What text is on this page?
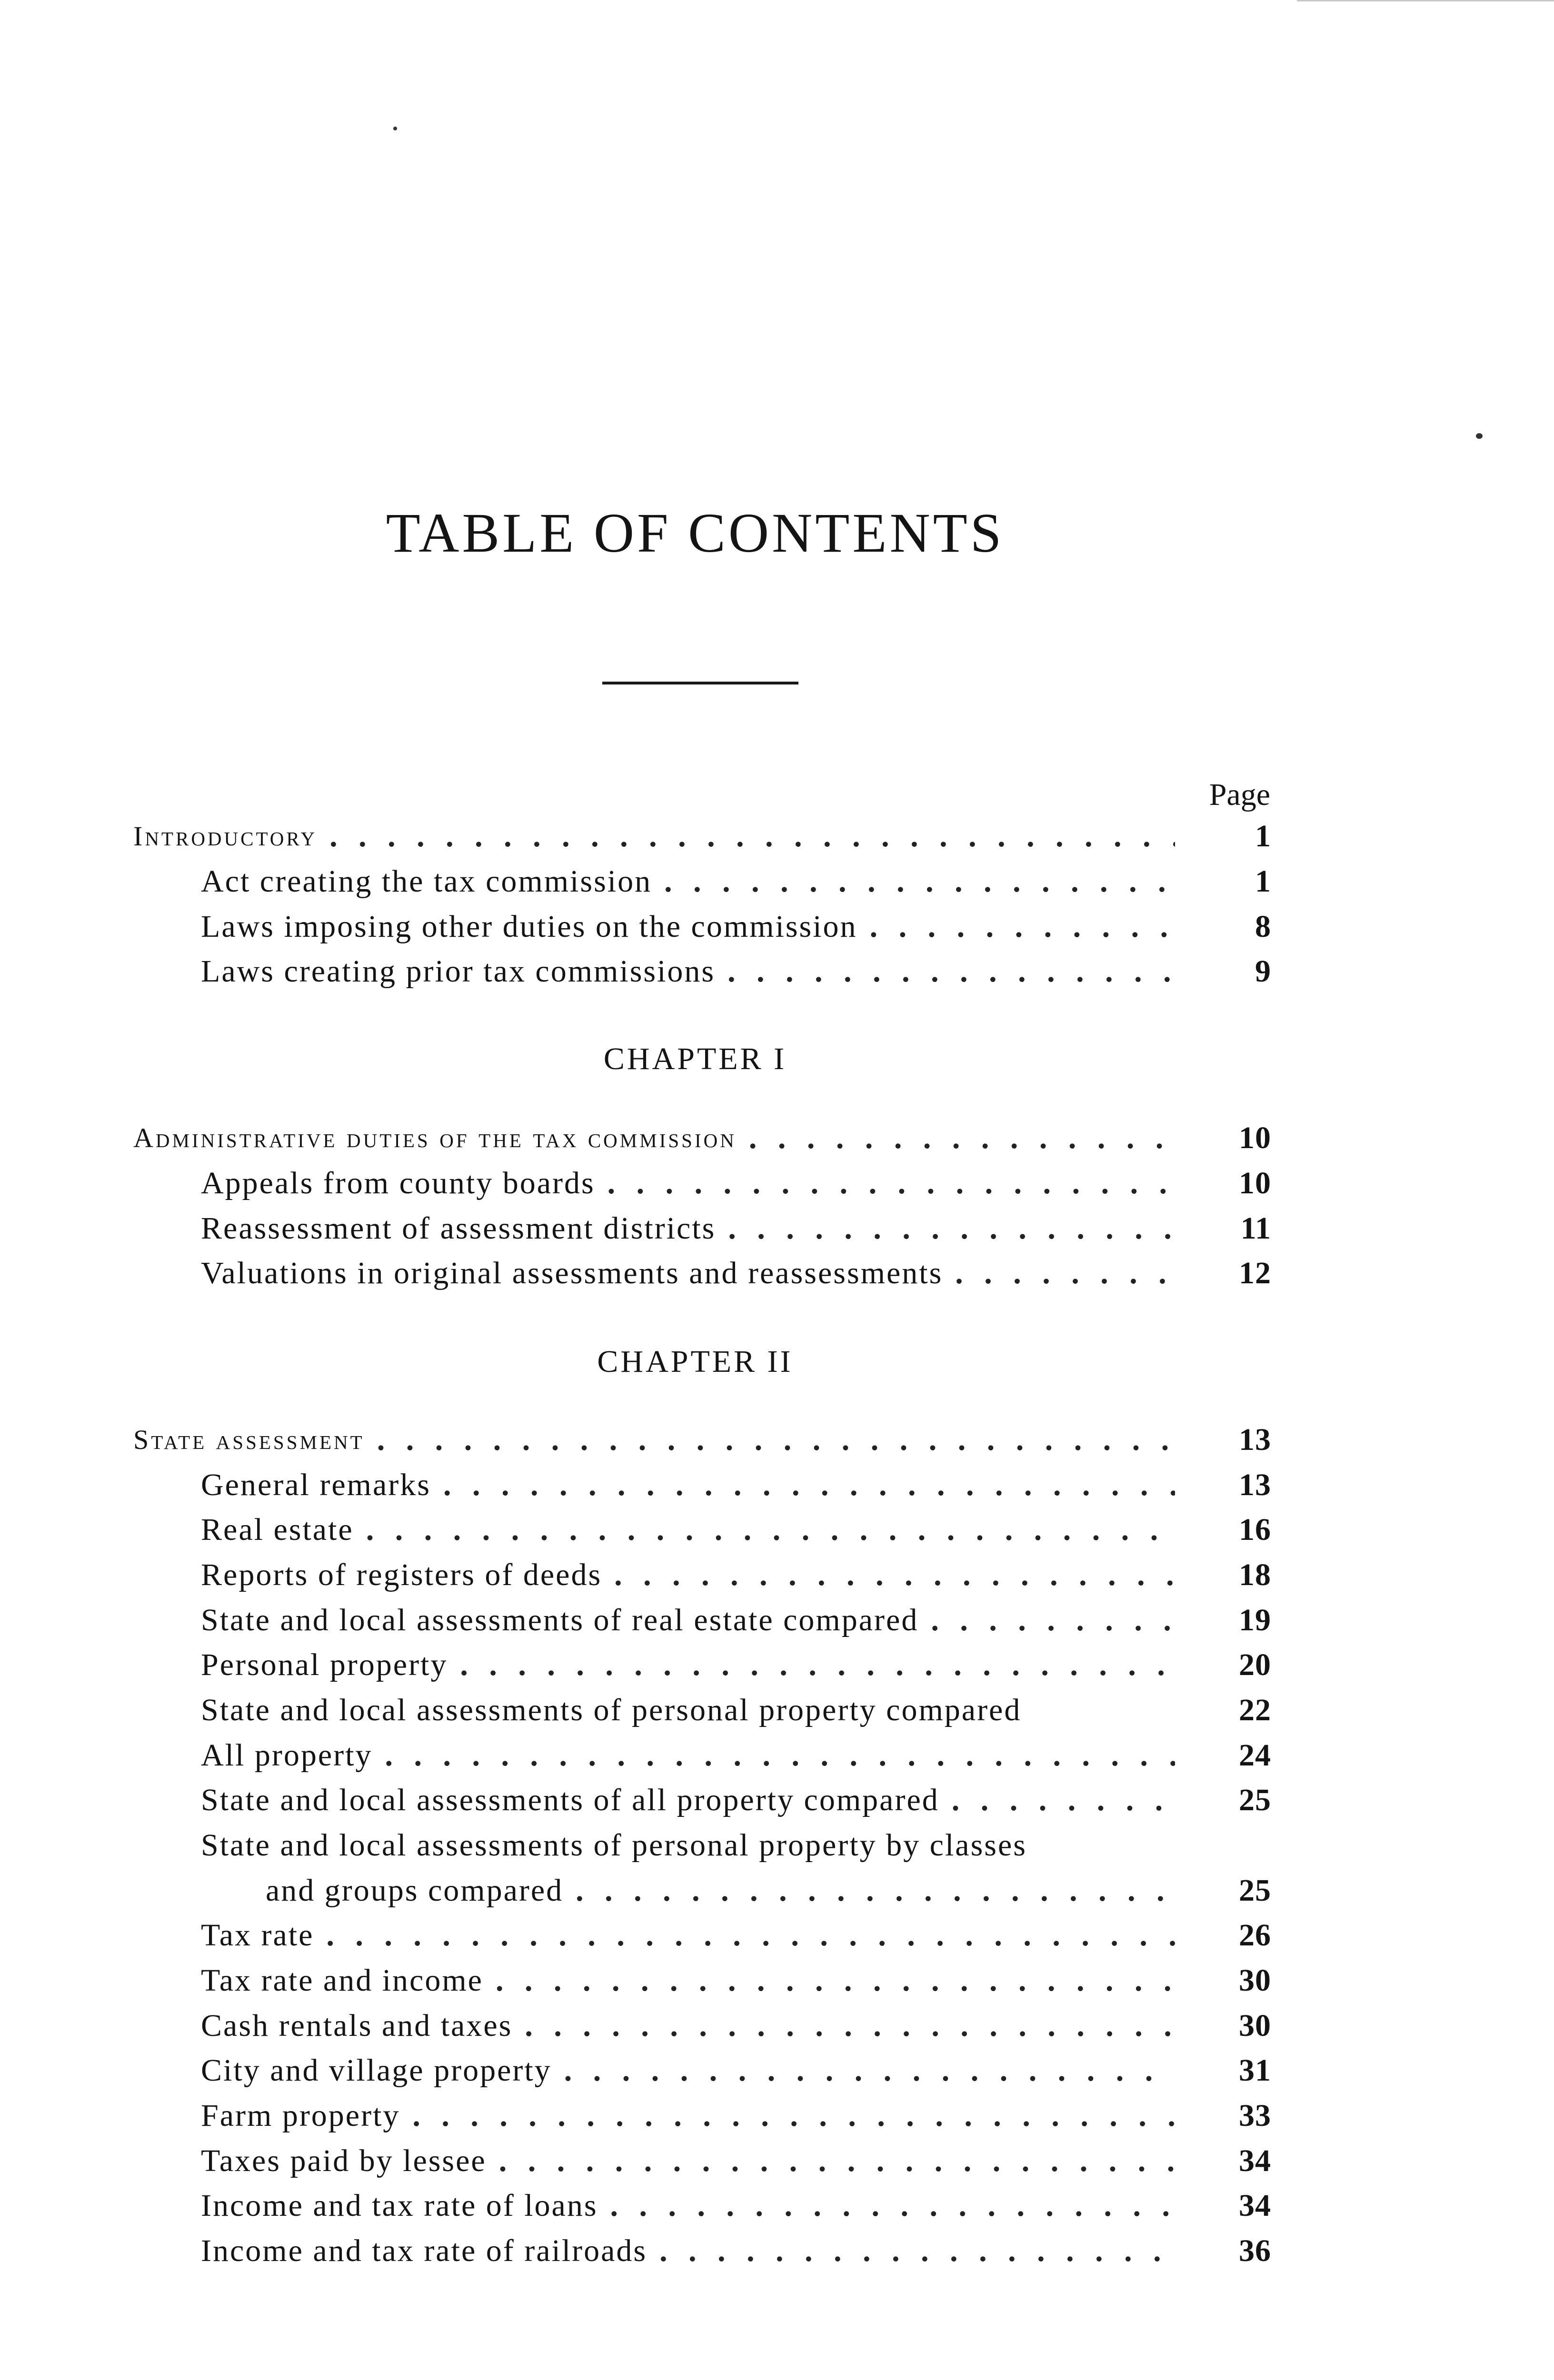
TABLE OF CONTENTS
Page
Introductory . . .	1
Act creating the tax commission . . .	1
Laws imposing other duties on the commission . . .	8
Laws creating prior tax commissions . . .	9
CHAPTER I
Administrative duties of the tax commission . . .	10
Appeals from county boards . . .	10
Reassessment of assessment districts . . .	11
Valuations in original assessments and reassessments . . .	12
CHAPTER II
State assessment . . .	13
General remarks . . .	13
Real estate . . .	16
Reports of registers of deeds . . .	18
State and local assessments of real estate compared . . .	19
Personal property . . .	20
State and local assessments of personal property compared	22
All property . . .	24
State and local assessments of all property compared . . .	25
State and local assessments of personal property by classes
and groups compared . . .	25
Tax rate . . .	26
Tax rate and income . . .	30
Cash rentals and taxes . . .	30
City and village property . . .	31
Farm property . . .	33
Taxes paid by lessee . . .	34
Income and tax rate of loans . . .	34
Income and tax rate of railroads . . .	36
